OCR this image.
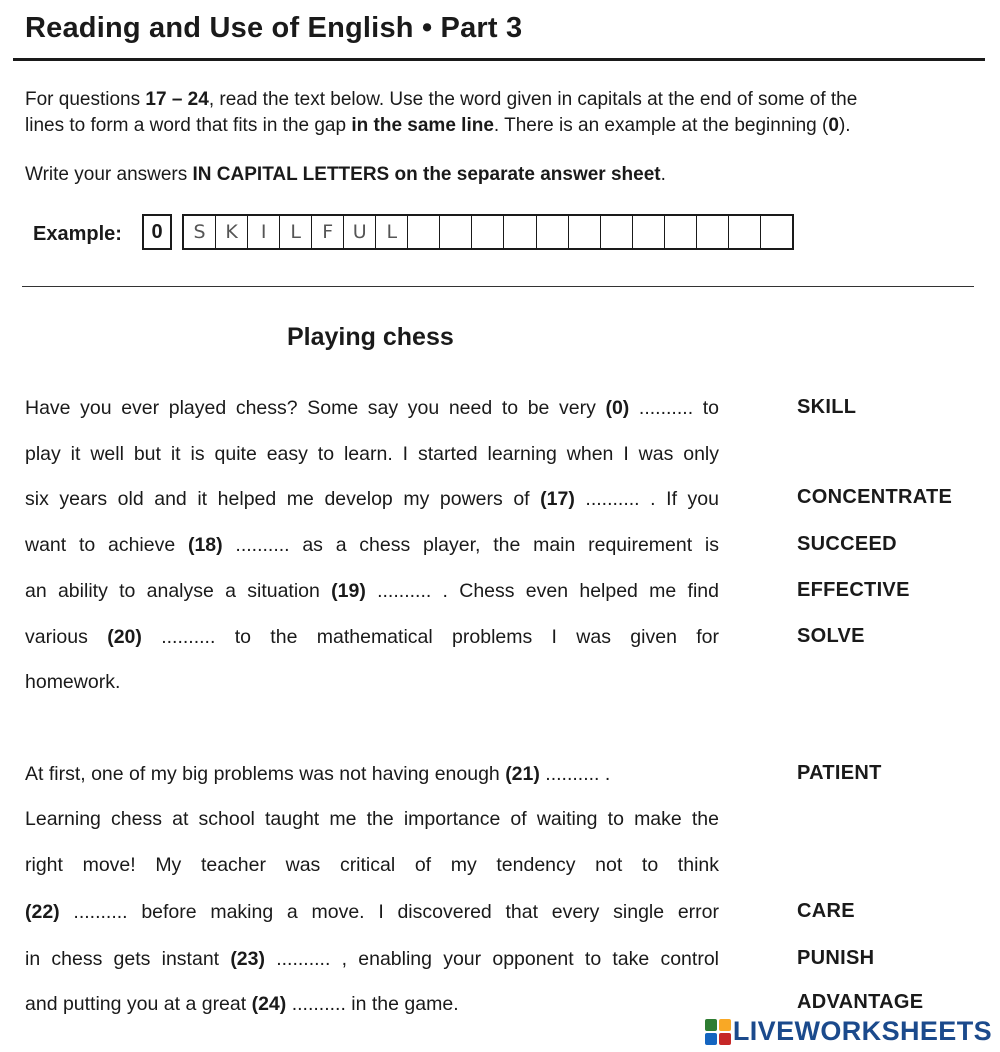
Reading and Use of English • Part 3
For questions 17 – 24, read the text below. Use the word given in capitals at the end of some of the
lines to form a word that fits in the gap in the same line. There is an example at the beginning (0).
Write your answers IN CAPITAL LETTERS on the separate answer sheet.
Example:	0	S	K	I	L	F	U	L
Playing chess
Have you ever played chess? Some say you need to be very (0) .......... to
play it well but it is quite easy to learn. I started learning when I was only
six years old and it helped me develop my powers of (17) .......... . If you
want to achieve (18) .......... as a chess player, the main requirement is
an ability to analyse a situation (19) .......... . Chess even helped me find
various (20) .......... to the mathematical problems I was given for
homework.
At first, one of my big problems was not having enough (21) .......... .
Learning chess at school taught me the importance of waiting to make the
right move! My teacher was critical of my tendency not to think
(22) .......... before making a move. I discovered that every single error
in chess gets instant (23) .......... , enabling your opponent to take control
and putting you at a great (24) .......... in the game.
SKILL
CONCENTRATE
SUCCEED
EFFECTIVE
SOLVE
PATIENT
CARE
PUNISH
ADVANTAGE
LIVEWORKSHEETS
